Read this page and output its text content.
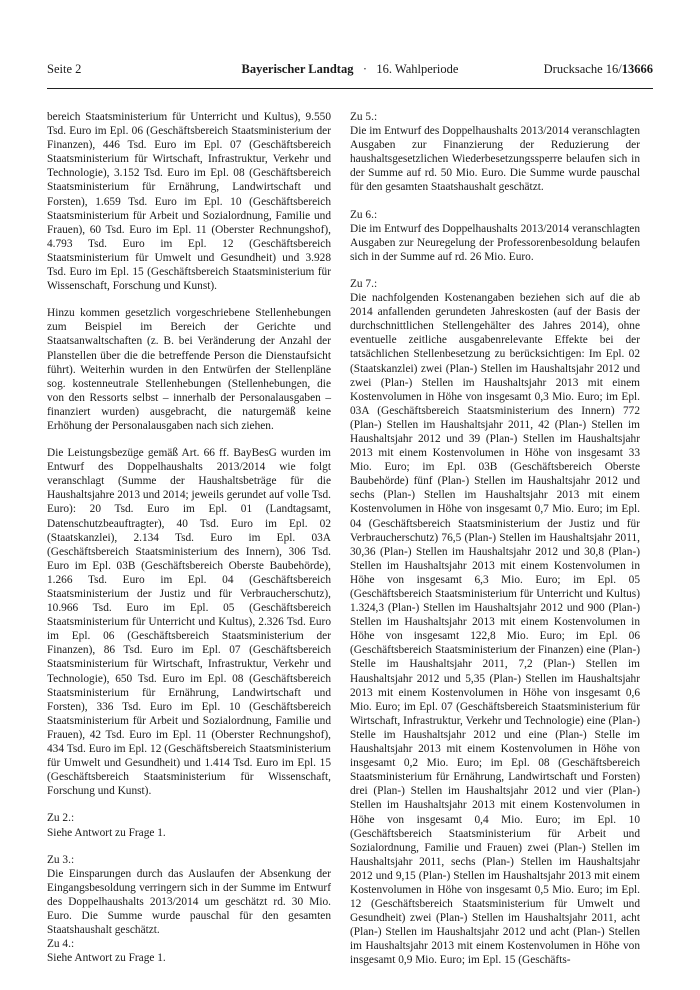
Seite 2	Bayerischer Landtag · 16. Wahlperiode	Drucksache 16/13666

bereich Staatsministerium für Unterricht und Kultus), 9.550 Tsd. Euro im Epl. 06 (Geschäftsbereich Staatsministerium der Finanzen), 446 Tsd. Euro im Epl. 07 (Geschäftsbereich Staatsministerium für Wirtschaft, Infrastruktur, Verkehr und Technologie), 3.152 Tsd. Euro im Epl. 08 (Geschäftsbereich Staatsministerium für Ernährung, Landwirtschaft und Forsten), 1.659 Tsd. Euro im Epl. 10 (Geschäftsbereich Staatsministerium für Arbeit und Sozialordnung, Familie und Frauen), 60 Tsd. Euro im Epl. 11 (Oberster Rechnungshof), 4.793 Tsd. Euro im Epl. 12 (Geschäftsbereich Staatsministerium für Umwelt und Gesundheit) und 3.928 Tsd. Euro im Epl. 15 (Geschäftsbereich Staatsministerium für Wissenschaft, Forschung und Kunst).

Hinzu kommen gesetzlich vorgeschriebene Stellenhebungen zum Beispiel im Bereich der Gerichte und Staatsanwaltschaften (z. B. bei Veränderung der Anzahl der Planstellen über die die betreffende Person die Dienstaufsicht führt). Weiterhin wurden in den Entwürfen der Stellenpläne sog. kostenneutrale Stellenhebungen (Stellenhebungen, die von den Ressorts selbst – innerhalb der Personalausgaben – finanziert wurden) ausgebracht, die naturgemäß keine Erhöhung der Personalausgaben nach sich ziehen.

Die Leistungsbezüge gemäß Art. 66 ff. BayBesG wurden im Entwurf des Doppelhaushalts 2013/2014 wie folgt veranschlagt (Summe der Haushaltsbeträge für die Haushaltsjahre 2013 und 2014; jeweils gerundet auf volle Tsd. Euro): 20 Tsd. Euro im Epl. 01 (Landtagsamt, Datenschutzbeauftragter), 40 Tsd. Euro im Epl. 02 (Staatskanzlei), 2.134 Tsd. Euro im Epl. 03A (Geschäftsbereich Staatsministerium des Innern), 306 Tsd. Euro im Epl. 03B (Geschäftsbereich Oberste Baubehörde), 1.266 Tsd. Euro im Epl. 04 (Geschäftsbereich Staatsministerium der Justiz und für Verbraucherschutz), 10.966 Tsd. Euro im Epl. 05 (Geschäftsbereich Staatsministerium für Unterricht und Kultus), 2.326 Tsd. Euro im Epl. 06 (Geschäftsbereich Staatsministerium der Finanzen), 86 Tsd. Euro im Epl. 07 (Geschäftsbereich Staatsministerium für Wirtschaft, Infrastruktur, Verkehr und Technologie), 650 Tsd. Euro im Epl. 08 (Geschäftsbereich Staatsministerium für Ernährung, Landwirtschaft und Forsten), 336 Tsd. Euro im Epl. 10 (Geschäftsbereich Staatsministerium für Arbeit und Sozialordnung, Familie und Frauen), 42 Tsd. Euro im Epl. 11 (Oberster Rechnungshof), 434 Tsd. Euro im Epl. 12 (Geschäftsbereich Staatsministerium für Umwelt und Gesundheit) und 1.414 Tsd. Euro im Epl. 15 (Geschäftsbereich Staatsministerium für Wissenschaft, Forschung und Kunst).

Zu 2.:
Siehe Antwort zu Frage 1.

Zu 3.:
Die Einsparungen durch das Auslaufen der Absenkung der Eingangsbesoldung verringern sich in der Summe im Entwurf des Doppelhaushalts 2013/2014 um geschätzt rd. 30 Mio. Euro. Die Summe wurde pauschal für den gesamten Staatshaushalt geschätzt.

Zu 4.:
Siehe Antwort zu Frage 1.

Zu 5.:
Die im Entwurf des Doppelhaushalts 2013/2014 veranschlagten Ausgaben zur Finanzierung der Reduzierung der haushaltsgesetzlichen Wiederbesetzungssperre belaufen sich in der Summe auf rd. 50 Mio. Euro. Die Summe wurde pauschal für den gesamten Staatshaushalt geschätzt.

Zu 6.:
Die im Entwurf des Doppelhaushalts 2013/2014 veranschlagten Ausgaben zur Neuregelung der Professorenbesoldung belaufen sich in der Summe auf rd. 26 Mio. Euro.

Zu 7.:
Die nachfolgenden Kostenangaben beziehen sich auf die ab 2014 anfallenden gerundeten Jahreskosten (auf der Basis der durchschnittlichen Stellengehälter des Jahres 2014), ohne eventuelle zeitliche ausgabenrelevante Effekte bei der tatsächlichen Stellenbesetzung zu berücksichtigen: Im Epl. 02 (Staatskanzlei) zwei (Plan-) Stellen im Haushaltsjahr 2012 und zwei (Plan-) Stellen im Haushaltsjahr 2013 mit einem Kostenvolumen in Höhe von insgesamt 0,3 Mio. Euro; im Epl. 03A (Geschäftsbereich Staatsministerium des Innern) 772 (Plan-) Stellen im Haushaltsjahr 2011, 42 (Plan-) Stellen im Haushaltsjahr 2012 und 39 (Plan-) Stellen im Haushaltsjahr 2013 mit einem Kostenvolumen in Höhe von insgesamt 33 Mio. Euro; im Epl. 03B (Geschäftsbereich Oberste Baubehörde) fünf (Plan-) Stellen im Haushaltsjahr 2012 und sechs (Plan-) Stellen im Haushaltsjahr 2013 mit einem Kostenvolumen in Höhe von insgesamt 0,7 Mio. Euro; im Epl. 04 (Geschäftsbereich Staatsministerium der Justiz und für Verbraucherschutz) 76,5 (Plan-) Stellen im Haushaltsjahr 2011, 30,36 (Plan-) Stellen im Haushaltsjahr 2012 und 30,8 (Plan-) Stellen im Haushaltsjahr 2013 mit einem Kostenvolumen in Höhe von insgesamt 6,3 Mio. Euro; im Epl. 05 (Geschäftsbereich Staatsministerium für Unterricht und Kultus) 1.324,3 (Plan-) Stellen im Haushaltsjahr 2012 und 900 (Plan-) Stellen im Haushaltsjahr 2013 mit einem Kostenvolumen in Höhe von insgesamt 122,8 Mio. Euro; im Epl. 06 (Geschäftsbereich Staatsministerium der Finanzen) eine (Plan-) Stelle im Haushaltsjahr 2011, 7,2 (Plan-) Stellen im Haushaltsjahr 2012 und 5,35 (Plan-) Stellen im Haushaltsjahr 2013 mit einem Kostenvolumen in Höhe von insgesamt 0,6 Mio. Euro; im Epl. 07 (Geschäftsbereich Staatsministerium für Wirtschaft, Infrastruktur, Verkehr und Technologie) eine (Plan-) Stelle im Haushaltsjahr 2012 und eine (Plan-) Stelle im Haushaltsjahr 2013 mit einem Kostenvolumen in Höhe von insgesamt 0,2 Mio. Euro; im Epl. 08 (Geschäftsbereich Staatsministerium für Ernährung, Landwirtschaft und Forsten) drei (Plan-) Stellen im Haushaltsjahr 2012 und vier (Plan-) Stellen im Haushaltsjahr 2013 mit einem Kostenvolumen in Höhe von insgesamt 0,4 Mio. Euro; im Epl. 10 (Geschäftsbereich Staatsministerium für Arbeit und Sozialordnung, Familie und Frauen) zwei (Plan-) Stellen im Haushaltsjahr 2011, sechs (Plan-) Stellen im Haushaltsjahr 2012 und 9,15 (Plan-) Stellen im Haushaltsjahr 2013 mit einem Kostenvolumen in Höhe von insgesamt 0,5 Mio. Euro; im Epl. 12 (Geschäftsbereich Staatsministerium für Umwelt und Gesundheit) zwei (Plan-) Stellen im Haushaltsjahr 2011, acht (Plan-) Stellen im Haushaltsjahr 2012 und acht (Plan-) Stellen im Haushaltsjahr 2013 mit einem Kostenvolumen in Höhe von insgesamt 0,9 Mio. Euro; im Epl. 15 (Geschäfts-
